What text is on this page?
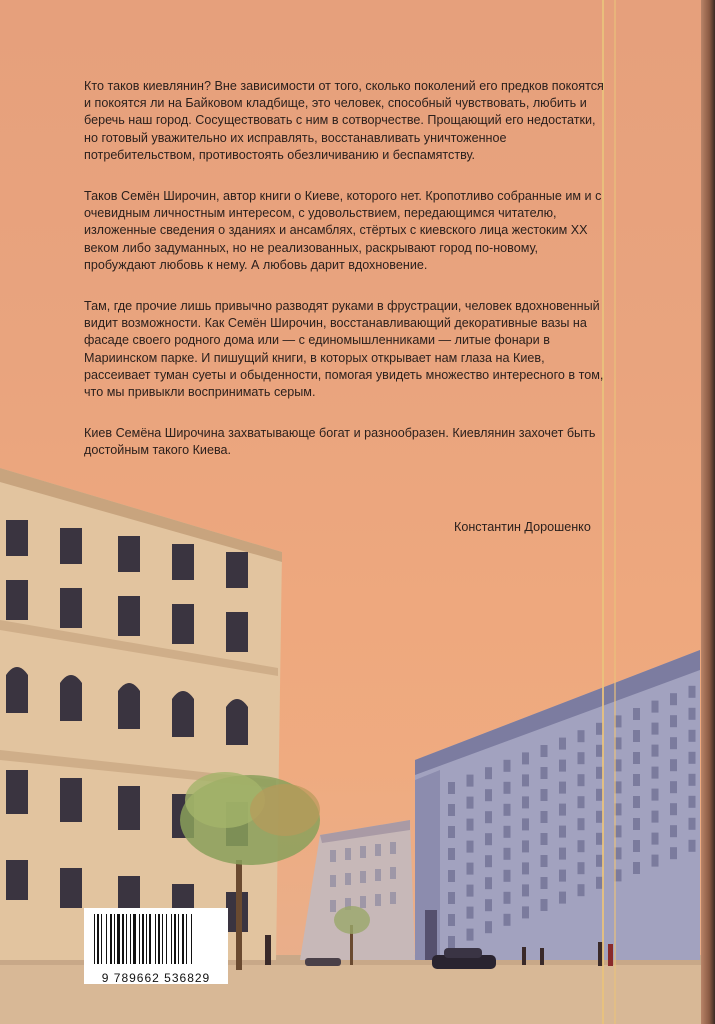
Кто таков киевлянин? Вне зависимости от того, сколько поколений его предков покоятся и покоятся ли на Байковом кладбище, это человек, способный чувствовать, любить и беречь наш город. Сосуществовать с ним в сотворчестве. Прощающий его недостатки, но готовый уважительно их исправлять, восстанавливать уничтоженное потребительством, противостоять обезличиванию и беспамятству.

Таков Семён Широчин, автор книги о Киеве, которого нет. Кропотливо собранные им и с очевидным личностным интересом, с удовольствием, передающимся читателю, изложенные сведения о зданиях и ансамблях, стёртых с киевского лица жестоким XX веком либо задуманных, но не реализованных, раскрывают город по-новому, пробуждают любовь к нему. А любовь дарит вдохновение.

Там, где прочие лишь привычно разводят руками в фрустрации, человек вдохновенный видит возможности. Как Семён Широчин, восстанавливающий декоративные вазы на фасаде своего родного дома или — с единомышленниками — литые фонари в Мариинском парке. И пишущий книги, в которых открывает нам глаза на Киев, рассеивает туман суеты и обыденности, помогая увидеть множество интересного в том, что мы привыкли воспринимать серым.

Киев Семёна Широчина захватывающе богат и разнообразен. Киевлянин захочет быть достойным такого Киева.

Константин Дорошенко
9 789662 536829
